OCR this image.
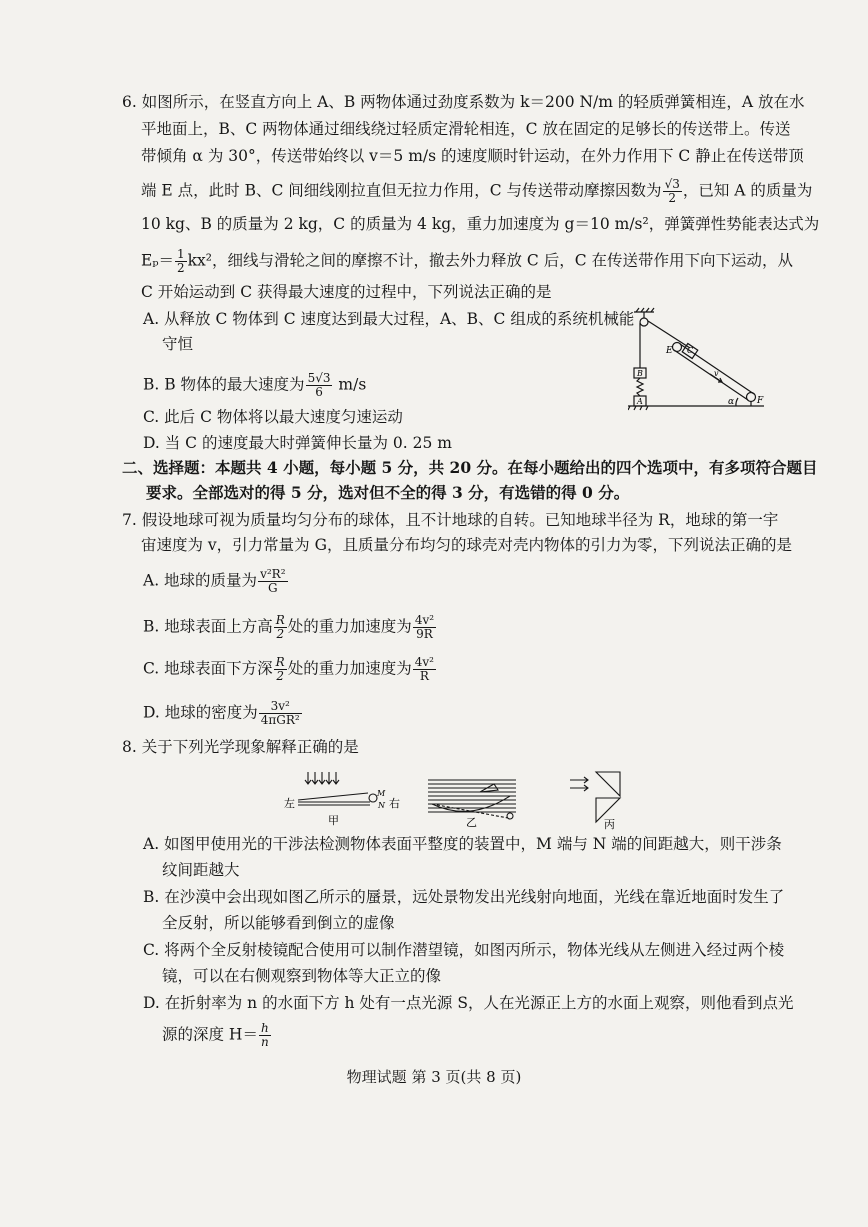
6. 如图所示，在竖直方向上 A、B 两物体通过劲度系数为 k＝200 N/m 的轻质弹簧相连，A 放在水
平地面上，B、C 两物体通过细线绕过轻质定滑轮相连，C 放在固定的足够长的传送带上。传送
带倾角 α 为 30°，传送带始终以 v＝5 m/s 的速度顺时针运动，在外力作用下 C 静止在传送带顶
端 E 点，此时 B、C 间细线刚拉直但无拉力作用，C 与传送带动摩擦因数为 $\frac{√3}{2}$ ，已知 A 的质量为
10 kg、B 的质量为 2 kg，C 的质量为 4 kg，重力加速度为 g＝10 m/s²，弹簧弹性势能表达式为
$E_p= \frac{1}{2} kx^2$，细线与滑轮之间的摩擦不计，撤去外力释放 C 后，C 在传送带作用下向下运动，从
C 开始运动到 C 获得最大速度的过程中，下列说法正确的是
A. 从释放 C 物体到 C 速度达到最大过程，A、B、C 组成的系统机械能
守恒
B. B 物体的最大速度为 $\frac{5√3}{6} m/s$
C. 此后 C 物体将以最大速度匀速运动
D. 当 C 的速度最大时弹簧伸长量为 0. 25 m
E C
B
A
v
α	F
二、选择题：本题共 4 小题，每小题 5 分，共 20 分。在每小题给出的四个选项中，有多项符合题目
要求。全部选对的得 5 分，选对但不全的得 3 分，有选错的得 0 分。
7. 假设地球可视为质量均匀分布的球体，且不计地球的自转。已知地球半径为 R，地球的第一宇
宙速度为 v，引力常量为 G，且质量分布均匀的球壳对壳内物体的引力为零，下列说法正确的是
A. 地球的质量为 $\frac{\text{v²R²}}{G}$
B. 地球表面上方高 $\frac{R}{2}$ 处的重力加速度为 $\frac{\text{4v²}}{9R}$
C. 地球表面下方深 $\frac{R}{2}$ 处的重力加速度为 $\frac{\text{4v²}}{R}$
D. 地球的密度为 $\frac{\text{3v²}}{\text{4πGR²}}$
8. 关于下列光学现象解释正确的是
左
M
N 右
甲	乙	丙
A. 如图甲使用光的干涉法检测物体表面平整度的装置中，M 端与 N 端的间距越大，则干涉条
纹间距越大
B. 在沙漠中会出现如图乙所示的蜃景，远处景物发出光线射向地面，光线在靠近地面时发生了
全反射，所以能够看到倒立的虚像
C. 将两个全反射棱镜配合使用可以制作潜望镜，如图丙所示，物体光线从左侧进入经过两个棱
镜，可以在右侧观察到物体等大正立的像
D. 在折射率为 n 的水面下方 h 处有一点光源 S，人在光源正上方的水面上观察，则他看到点光
源的深度 $H= \frac{h}{n}$
物理试题 第 3 页(共 8 页)
